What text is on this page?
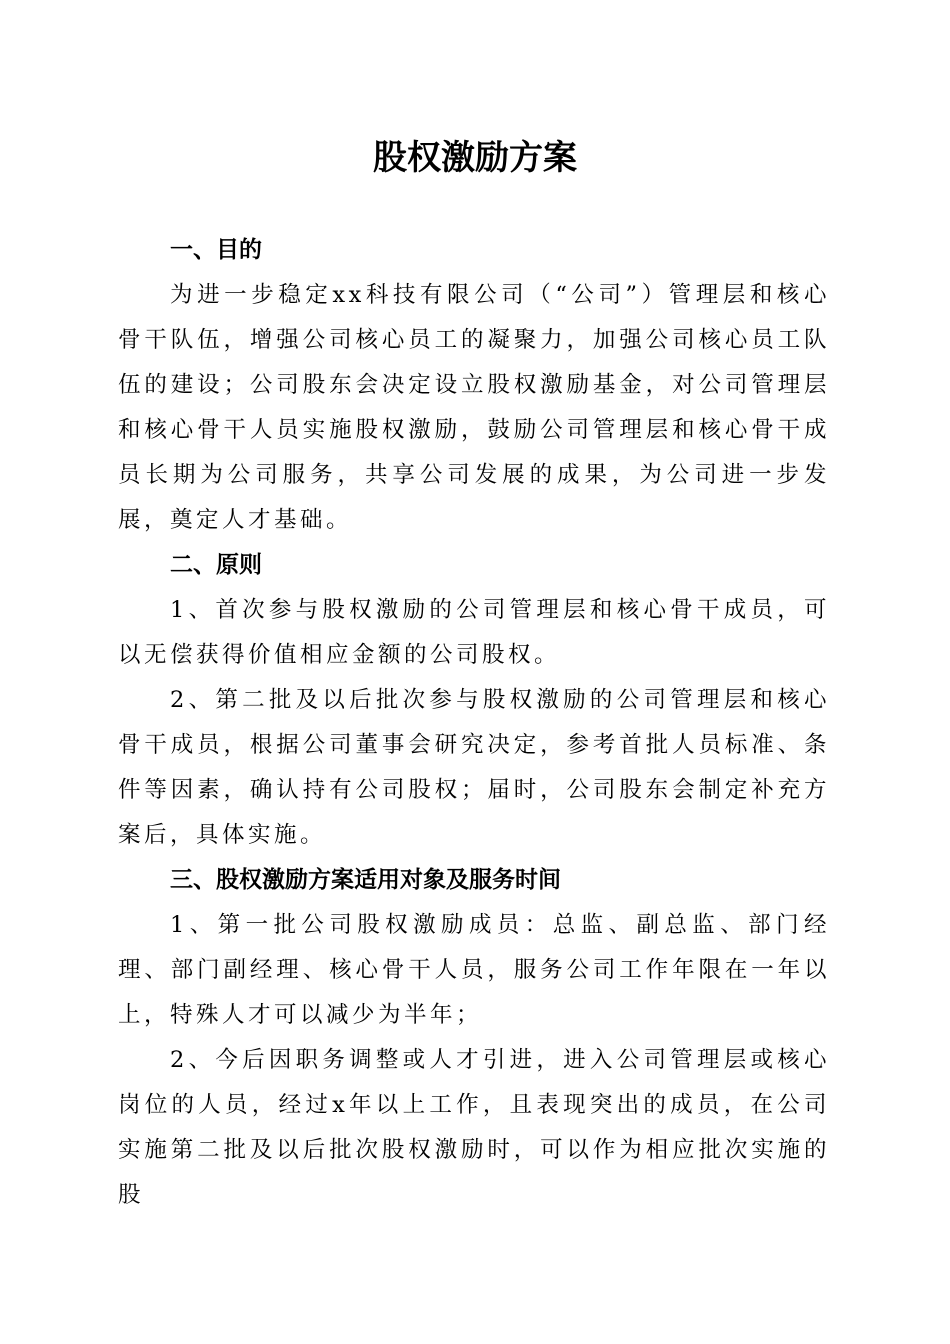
股权激励方案
一、目的

为进一步稳定xx科技有限公司（“公司”）管理层和核心骨干队伍，增强公司核心员工的凝聚力，加强公司核心员工队伍的建设；公司股东会决定设立股权激励基金，对公司管理层和核心骨干人员实施股权激励，鼓励公司管理层和核心骨干成员长期为公司服务，共享公司发展的成果，为公司进一步发展，奠定人才基础。

二、原则

1、首次参与股权激励的公司管理层和核心骨干成员，可以无偿获得价值相应金额的公司股权。

2、第二批及以后批次参与股权激励的公司管理层和核心骨干成员，根据公司董事会研究决定，参考首批人员标准、条件等因素，确认持有公司股权；届时，公司股东会制定补充方案后，具体实施。

三、股权激励方案适用对象及服务时间

1、第一批公司股权激励成员：总监、副总监、部门经理、部门副经理、核心骨干人员，服务公司工作年限在一年以上，特殊人才可以减少为半年；

2、今后因职务调整或人才引进，进入公司管理层或核心岗位的人员，经过x年以上工作，且表现突出的成员，在公司实施第二批及以后批次股权激励时，可以作为相应批次实施的股
